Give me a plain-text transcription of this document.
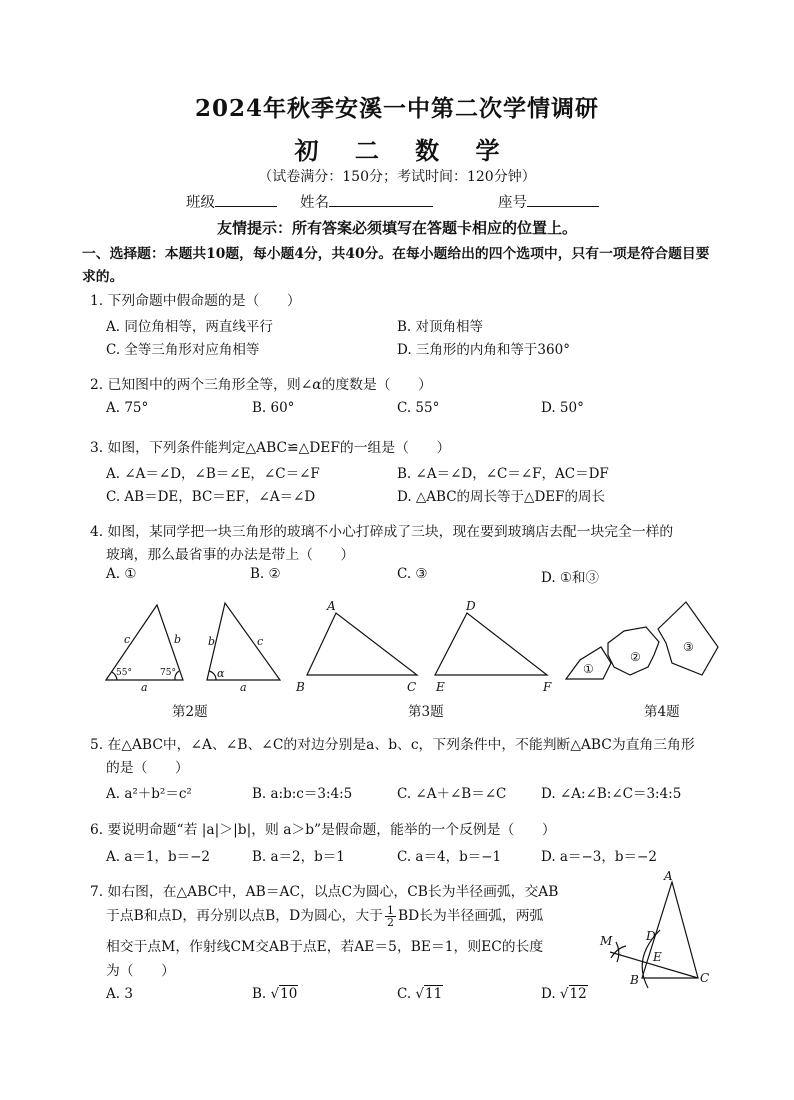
2024年秋季安溪一中第二次学情调研
初 二 数 学
（试卷满分：150分；考试时间：120分钟）
班级	姓名	座号
友情提示：所有答案必须填写在答题卡相应的位置上。
一、选择题：本题共10题，每小题4分，共40分。在每小题给出的四个选项中，只有一项是符合题目要求的。
1. 下列命题中假命题的是（　　）
A. 同位角相等，两直线平行	B. 对顶角相等
C. 全等三角形对应角相等	D. 三角形的内角和等于360°
2. 已知图中的两个三角形全等，则∠α的度数是（　　）
A. 75°	B. 60°	C. 55°	D. 50°
3. 如图，下列条件能判定△ABC≌△DEF的一组是（　　）
A. ∠A＝∠D，∠B＝∠E，∠C＝∠F	B. ∠A＝∠D，∠C＝∠F，AC＝DF
C. AB＝DE，BC＝EF，∠A＝∠D	D. △ABC的周长等于△DEF的周长
4. 如图，某同学把一块三角形的玻璃不小心打碎成了三块，现在要到玻璃店去配一块完全一样的
玻璃，那么最省事的办法是带上（　　）
A. ①	B. ②	C. ③	D. ①和③
c	b
a
b	c
a
α
A
B	C
D
E	F
55°	75°	①
②
③
第2题	第3题	第4题
5. 在△ABC中，∠A、∠B、∠C的对边分别是a、b、c，下列条件中，不能判断△ABC为直角三角形
的是（　　）
A. a²＋b²＝c²	B. a:b:c＝3:4:5	C. ∠A＋∠B＝∠C	D. ∠A:∠B:∠C＝3:4:5
6. 要说明命题“若 |a|＞|b|，则 a＞b”是假命题，能举的一个反例是（　　）
A. a＝1，b＝−2	B. a＝2，b＝1	C. a＝4，b＝−1	D. a＝−3，b＝−2
7. 如右图，在△ABC中，AB＝AC，以点C为圆心，CB长为半径画弧，交AB
于点B和点D，再分别以点B，D为圆心，大于 $\frac{1}{2}$ BD长为半径画弧，两弧
相交于点M，作射线CM交AB于点E，若AE＝5，BE＝1，则EC的长度
为（　　）
A. 3	B. √10	C. √11	D. √12
A
B	C
D
E
M
